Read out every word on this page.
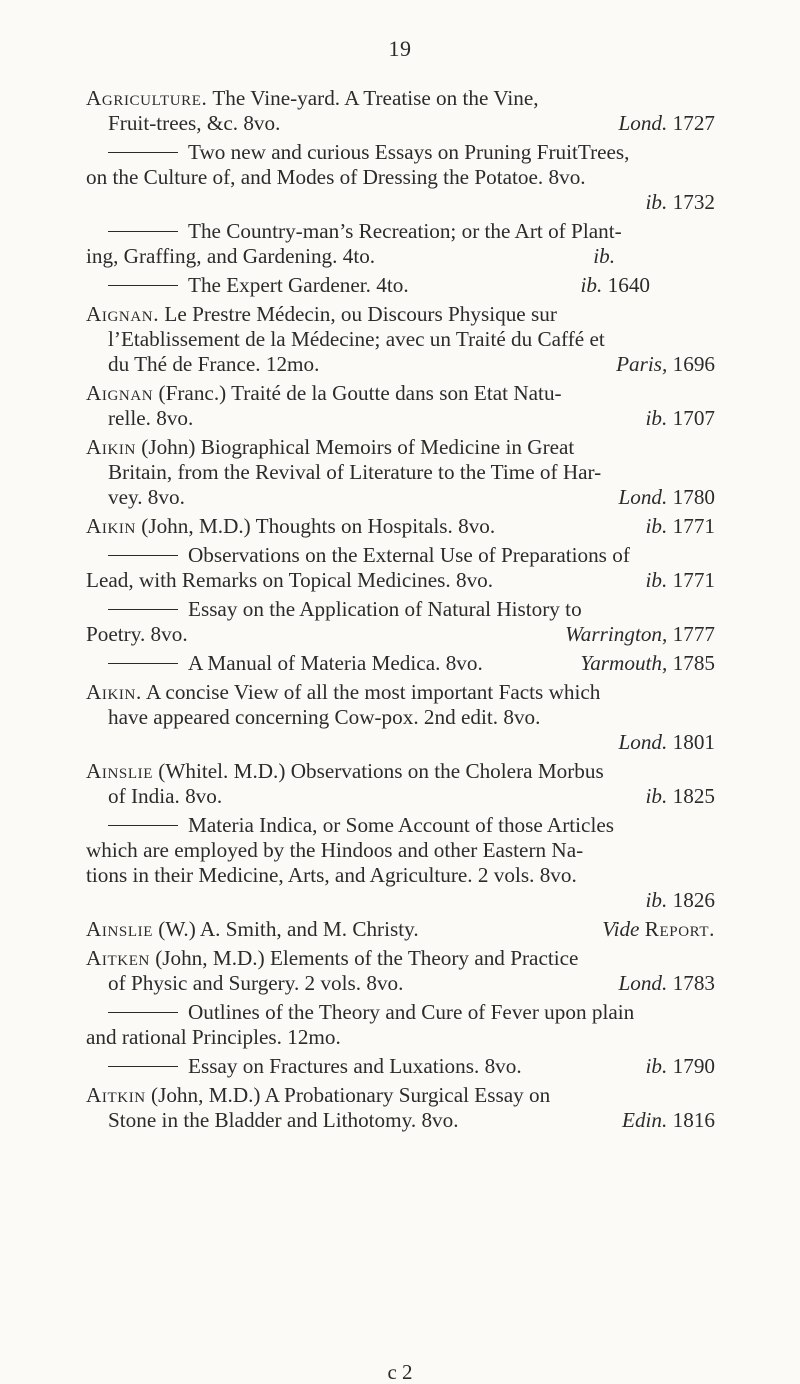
19

Agriculture. The Vine-yard. A Treatise on the Vine,

Fruit-trees, &c. 8vo.	Lond. 1727

Two new and curious Essays on Pruning FruitTrees,

on the Culture of, and Modes of Dressing the Potatoe. 8vo.

ib. 1732

The Country-man’s Recreation; or the Art of Plant-

ing, Graffing, and Gardening. 4to.	ib.

The Expert Gardener. 4to.	ib. 1640

Aignan. Le Prestre Médecin, ou Discours Physique sur

l’Etablissement de la Médecine; avec un Traité du Caffé et

du Thé de France. 12mo.	Paris, 1696

Aignan (Franc.) Traité de la Goutte dans son Etat Natu-

relle. 8vo.	ib. 1707

Aikin (John) Biographical Memoirs of Medicine in Great

Britain, from the Revival of Literature to the Time of Har-

vey. 8vo.	Lond. 1780

Aikin (John, M.D.) Thoughts on Hospitals. 8vo.	ib. 1771

Observations on the External Use of Preparations of

Lead, with Remarks on Topical Medicines. 8vo.	ib. 1771

Essay on the Application of Natural History to

Poetry. 8vo.	Warrington, 1777

A Manual of Materia Medica. 8vo.	Yarmouth, 1785

Aikin. A concise View of all the most important Facts which

have appeared concerning Cow-pox. 2nd edit. 8vo.

Lond. 1801

Ainslie (Whitel. M.D.) Observations on the Cholera Morbus

of India. 8vo.	ib. 1825

Materia Indica, or Some Account of those Articles

which are employed by the Hindoos and other Eastern Na-

tions in their Medicine, Arts, and Agriculture. 2 vols. 8vo.

ib. 1826

Ainslie (W.) A. Smith, and M. Christy.	Vide Report.

Aitken (John, M.D.) Elements of the Theory and Practice

of Physic and Surgery. 2 vols. 8vo.	Lond. 1783

Outlines of the Theory and Cure of Fever upon plain

and rational Principles. 12mo.

Essay on Fractures and Luxations. 8vo.	ib. 1790

Aitkin (John, M.D.) A Probationary Surgical Essay on

Stone in the Bladder and Lithotomy. 8vo.	Edin. 1816

c 2
